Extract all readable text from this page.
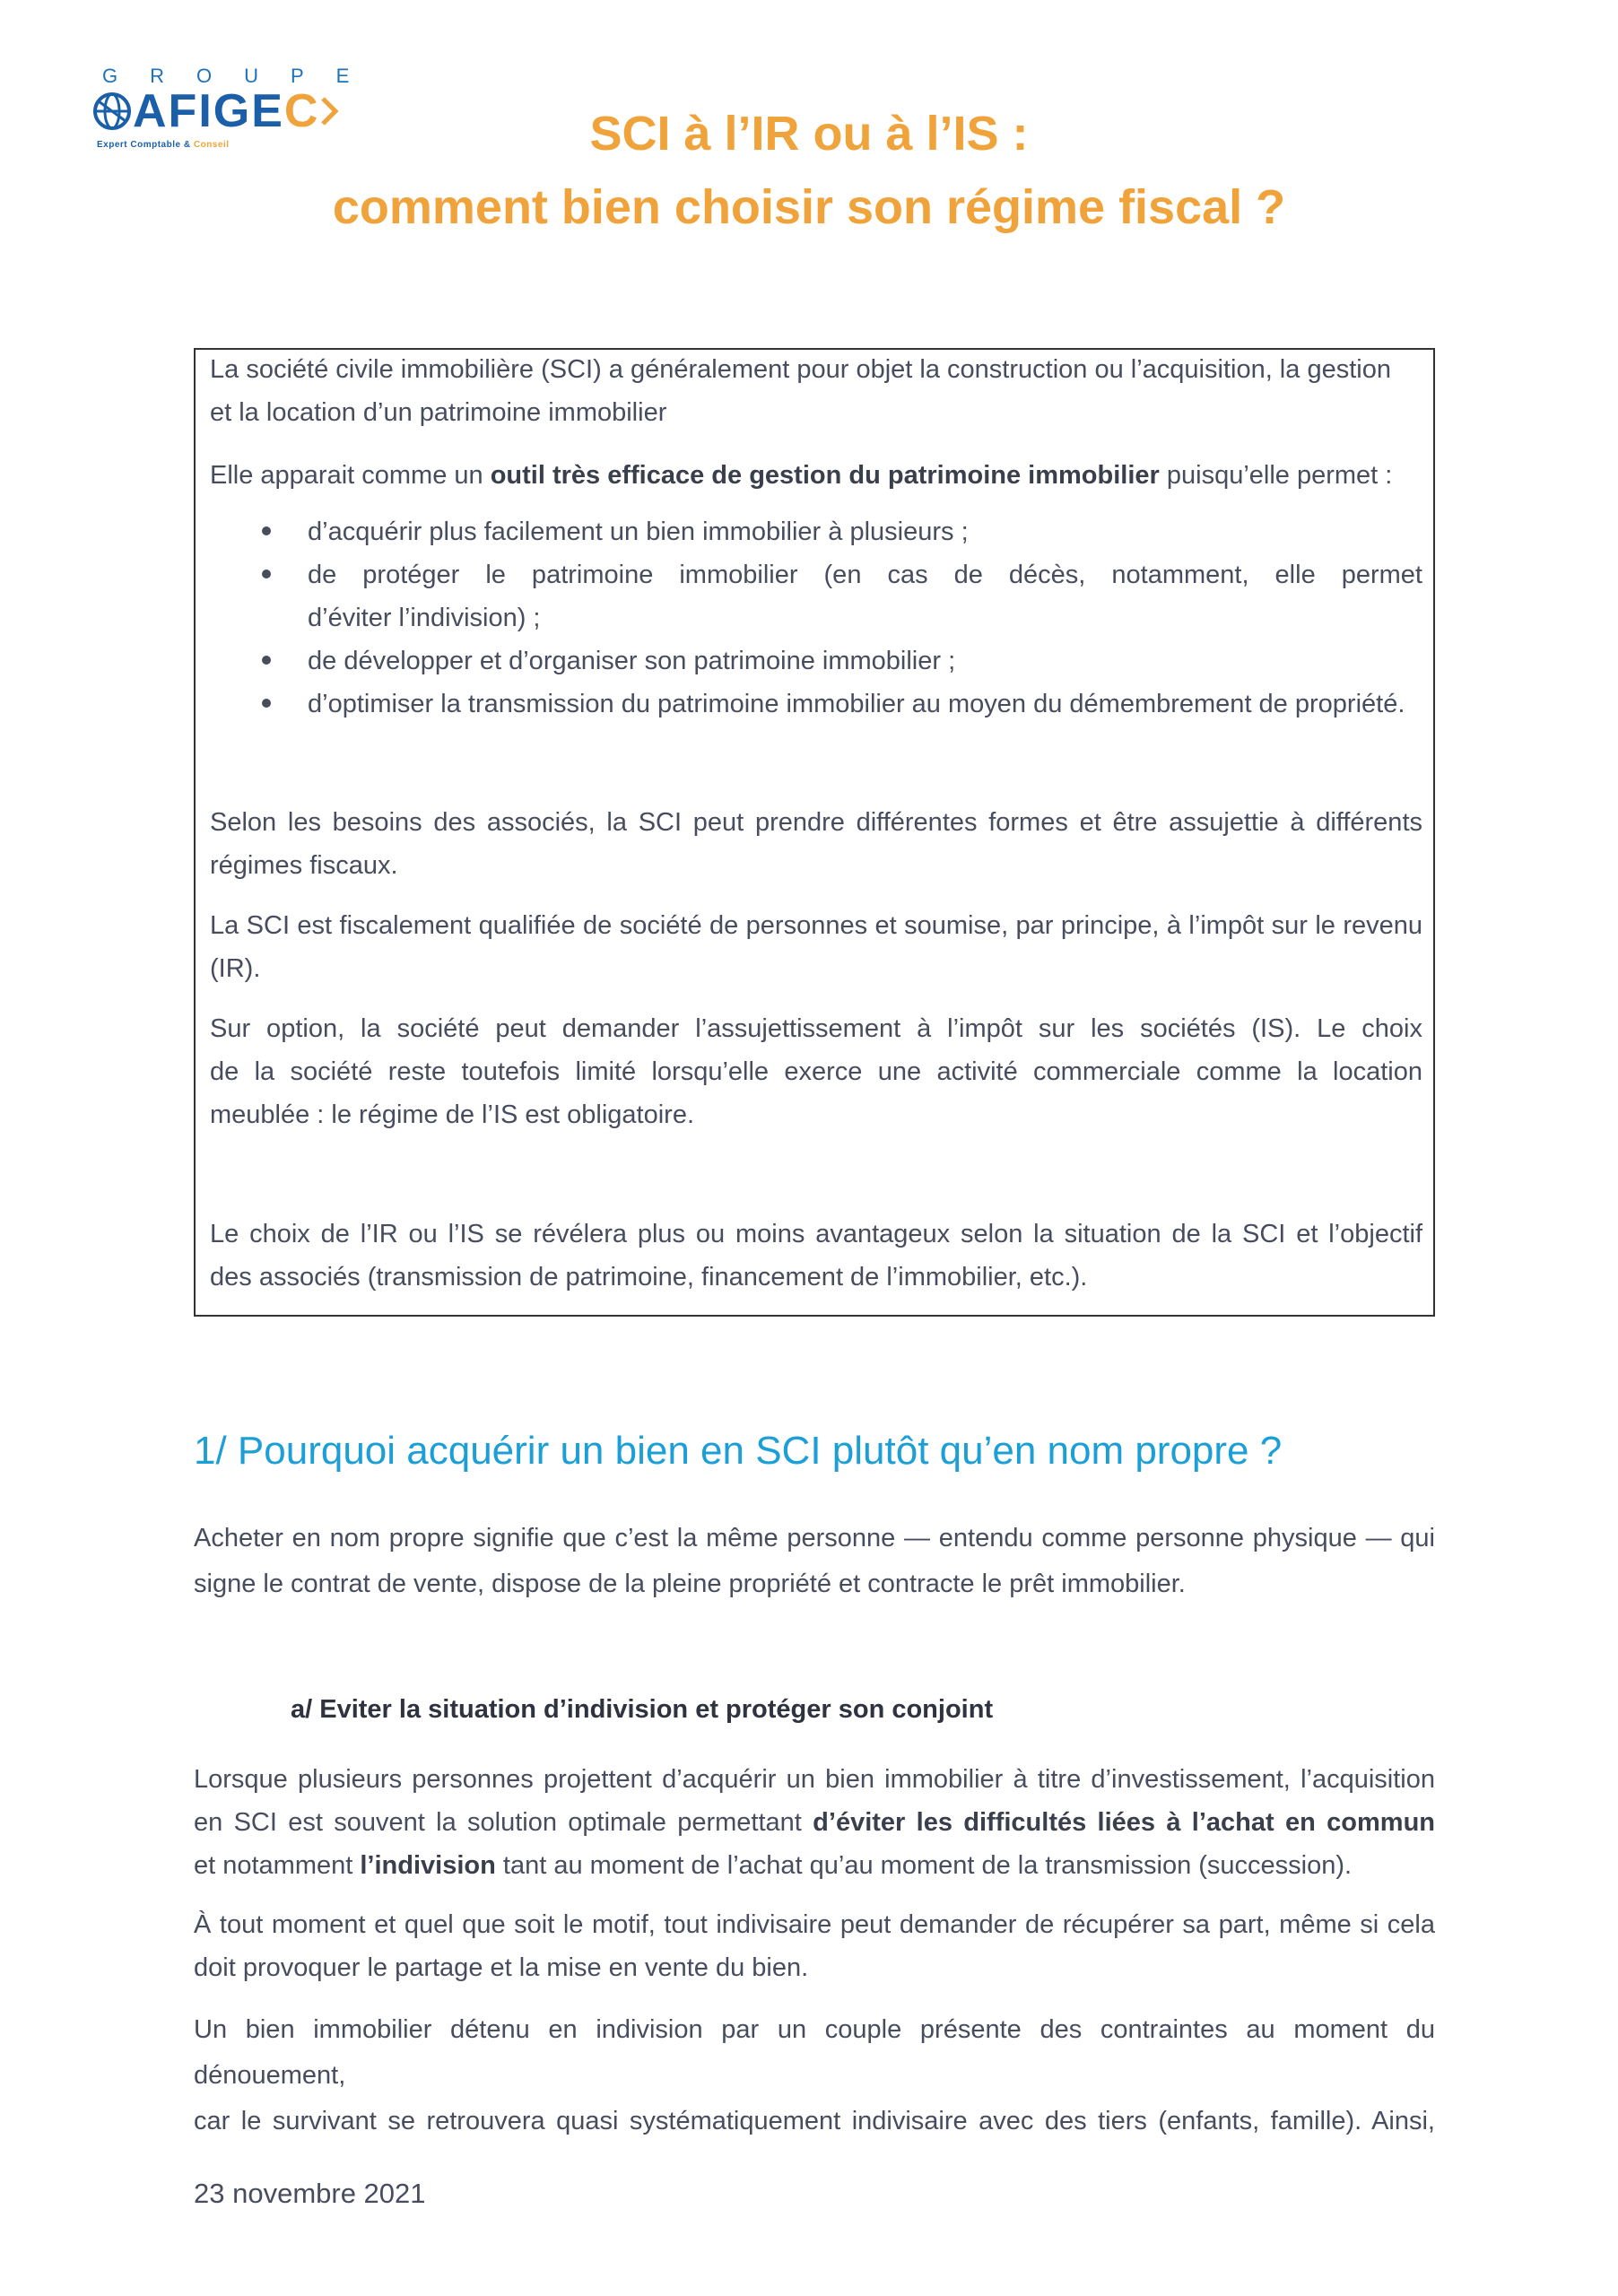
GROUPE
AFIGEC
Expert Comptable & Conseil	SCI à l’IR ou à l’IS :
comment bien choisir son régime fiscal ?
La société civile immobilière (SCI) a généralement pour objet la construction ou l’acquisition, la gestion
et la location d’un patrimoine immobilier
Elle apparait comme un outil très efficace de gestion du patrimoine immobilier puisqu’elle permet :
d’acquérir plus facilement un bien immobilier à plusieurs ;
de protéger le patrimoine immobilier (en cas de décès, notamment, elle permet
d’éviter l’indivision) ;
de développer et d’organiser son patrimoine immobilier ;
d’optimiser la transmission du patrimoine immobilier au moyen du démembrement de propriété.
Selon les besoins des associés, la SCI peut prendre différentes formes et être assujettie à différents
régimes fiscaux.
La SCI est fiscalement qualifiée de société de personnes et soumise, par principe, à l’impôt sur le revenu
(IR).
Sur option, la société peut demander l’assujettissement à l’impôt sur les sociétés (IS). Le choix
de la société reste toutefois limité lorsqu’elle exerce une activité commerciale comme la location
meublée : le régime de l’IS est obligatoire.
Le choix de l’IR ou l’IS se révélera plus ou moins avantageux selon la situation de la SCI et l’objectif
des associés (transmission de patrimoine, financement de l’immobilier, etc.).
1/ Pourquoi acquérir un bien en SCI plutôt qu’en nom propre ?
Acheter en nom propre signifie que c’est la même personne — entendu comme personne physique — qui
signe le contrat de vente, dispose de la pleine propriété et contracte le prêt immobilier.
a/ Eviter la situation d’indivision et protéger son conjoint
Lorsque plusieurs personnes projettent d’acquérir un bien immobilier à titre d’investissement, l’acquisition
en SCI est souvent la solution optimale permettant d’éviter les difficultés liées à l’achat en commun
et notamment l’indivision tant au moment de l’achat qu’au moment de la transmission (succession).
À tout moment et quel que soit le motif, tout indivisaire peut demander de récupérer sa part, même si cela
doit provoquer le partage et la mise en vente du bien.
Un bien immobilier détenu en indivision par un couple présente des contraintes au moment du dénouement,
car le survivant se retrouvera quasi systématiquement indivisaire avec des tiers (enfants, famille). Ainsi,
23 novembre 2021
